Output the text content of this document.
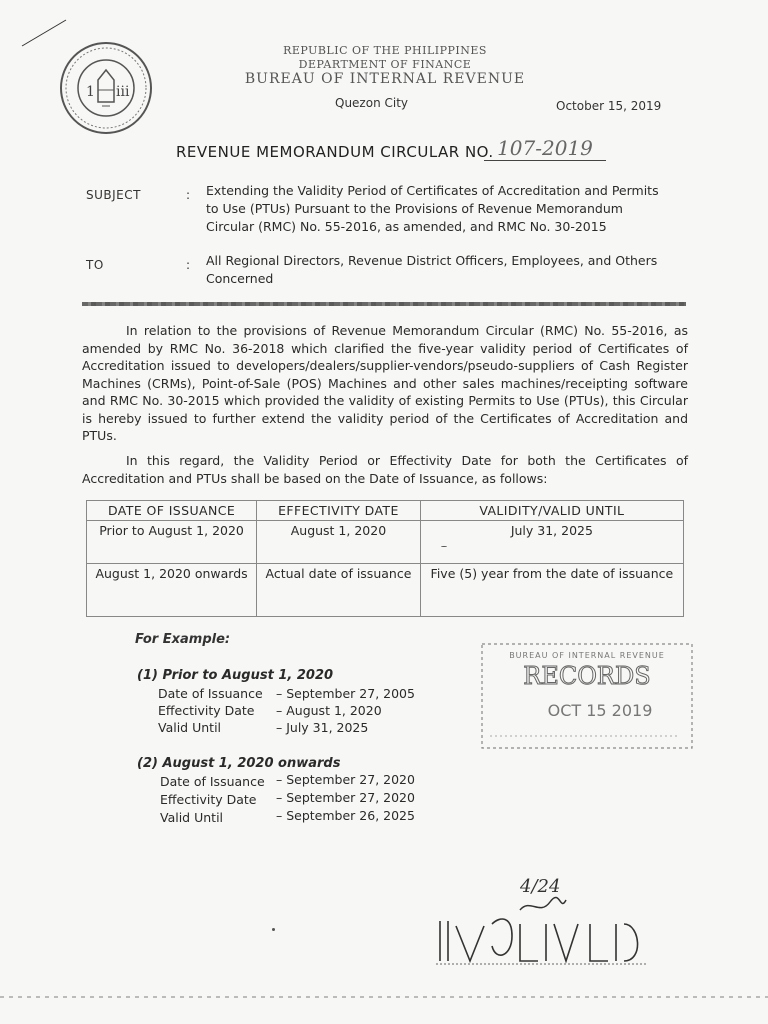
1 iii
REPUBLIC OF THE PHILIPPINES
DEPARTMENT OF FINANCE
BUREAU OF INTERNAL REVENUE
Quezon City	October 15, 2019
REVENUE MEMORANDUM CIRCULAR NO. 107-2019
SUBJECT	: Extending the Validity Period of Certificates of Accreditation and Permits
to Use (PTUs) Pursuant to the Provisions of Revenue Memorandum
Circular (RMC) No. 55-2016, as amended, and RMC No. 30-2015
TO	: All Regional Directors, Revenue District Officers, Employees, and Others
Concerned

In relation to the provisions of Revenue Memorandum Circular (RMC) No. 55-2016, as amended by RMC No. 36-2018 which clarified the five-year validity period of Certificates of Accreditation issued to developers/dealers/supplier-vendors/pseudo-suppliers of Cash Register Machines (CRMs), Point-of-Sale (POS) Machines and other sales machines/receipting software and RMC No. 30-2015 which provided the validity of existing Permits to Use (PTUs), this Circular is hereby issued to further extend the validity period of the Certificates of Accreditation and PTUs.

In this regard, the Validity Period or Effectivity Date for both the Certificates of Accreditation and PTUs shall be based on the Date of Issuance, as follows:

DATE OF ISSUANCE	EFFECTIVITY DATE	VALIDITY/VALID UNTIL
Prior to August 1, 2020	August 1, 2020	July 31, 2025
August 1, 2020 onwards	Actual date of issuance	Five (5) year from the date of issuance
For Example:
(1) Prior to August 1, 2020
Date of Issuance – September 27, 2005
Effectivity Date – August 1, 2020
Valid Until	– July 31, 2025
(2) August 1, 2020 onwards
Date of Issuance – September 27, 2020
Effectivity Date – September 27, 2020
Valid Until	– September 26, 2025
BUREAU OF INTERNAL REVENUE
RECORDS
OCT 15 2019
4/24
